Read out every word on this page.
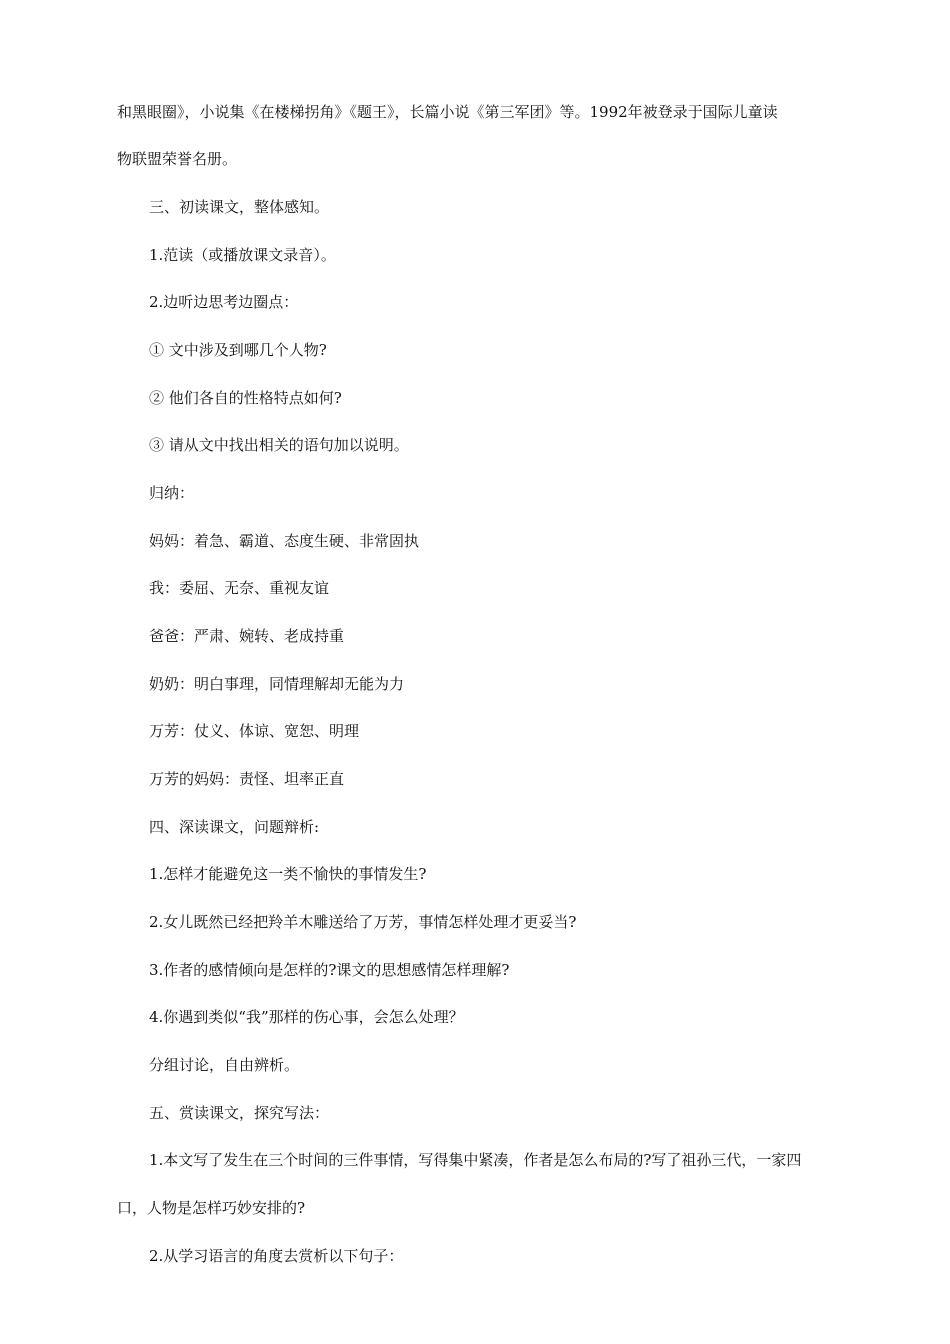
和黑眼圈》，小说集《在楼梯拐角》《题王》，长篇小说《第三军团》等。1992年被登录于国际儿童读

物联盟荣誉名册。

三、初读课文，整体感知。

1.范读（或播放课文录音）。

2.边听边思考边圈点：

① 文中涉及到哪几个人物?

② 他们各自的性格特点如何?

③ 请从文中找出相关的语句加以说明。

归纳：

妈妈：着急、霸道、态度生硬、非常固执

我：委屈、无奈、重视友谊

爸爸：严肃、婉转、老成持重

奶奶：明白事理，同情理解却无能为力

万芳：仗义、体谅、宽恕、明理

万芳的妈妈：责怪、坦率正直

四、深读课文，问题辩析:

1.怎样才能避免这一类不愉快的事情发生?

2.女儿既然已经把羚羊木雕送给了万芳，事情怎样处理才更妥当?

3.作者的感情倾向是怎样的?课文的思想感情怎样理解?

4.你遇到类似“我”那样的伤心事，会怎么处理？

分组讨论，自由辨析。

五、赏读课文，探究写法：

1.本文写了发生在三个时间的三件事情，写得集中紧凑，作者是怎么布局的?写了祖孙三代，一家四

口，人物是怎样巧妙安排的?

2.从学习语言的角度去赏析以下句子：
